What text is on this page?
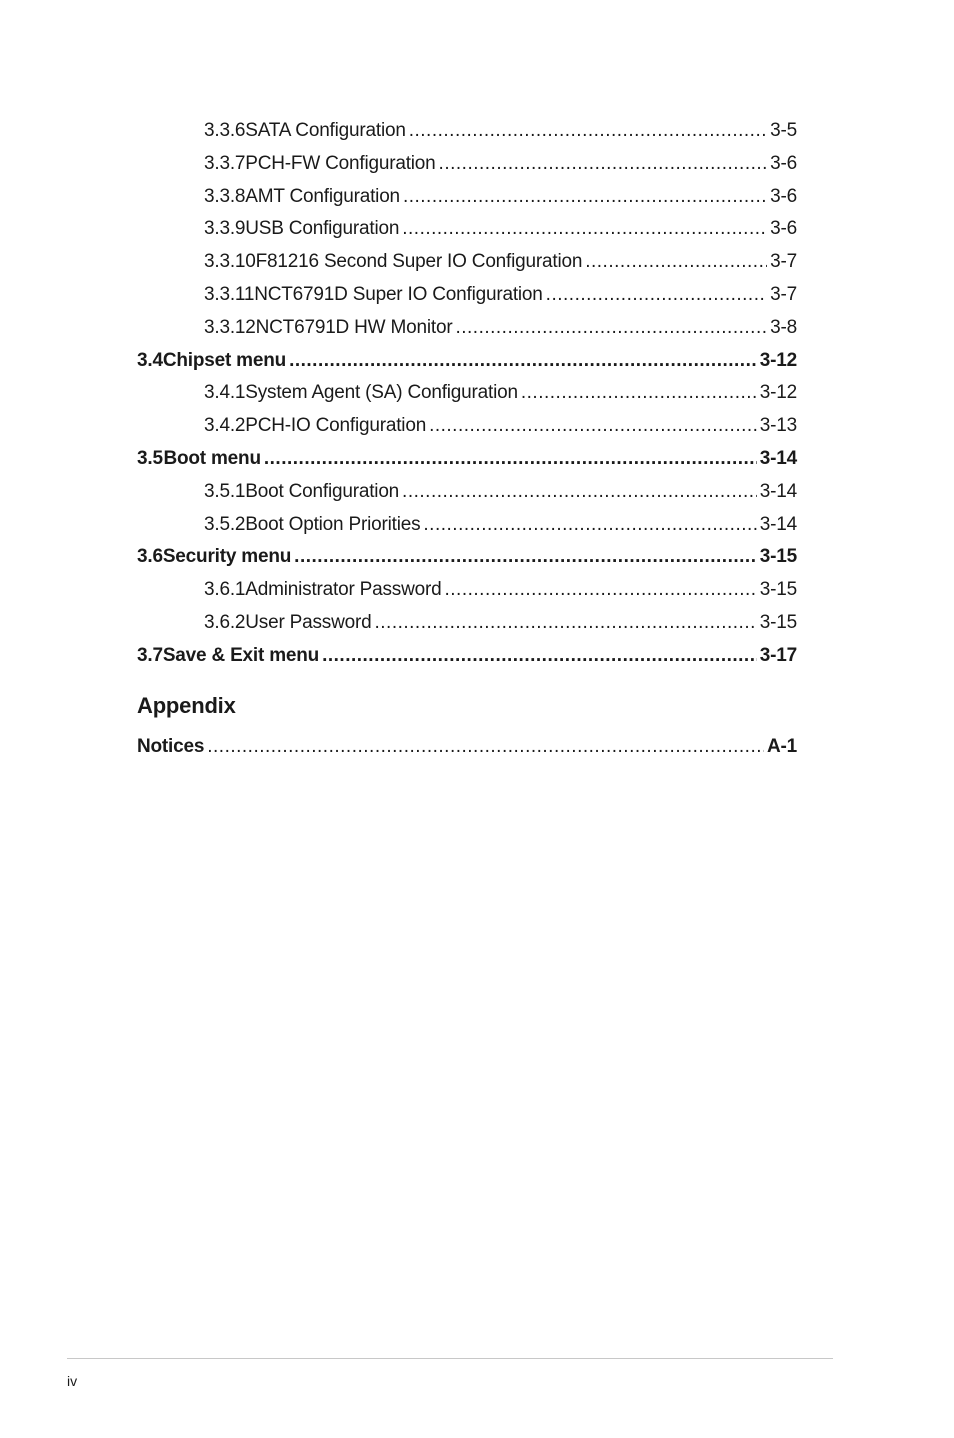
3.3.6 SATA Configuration .....	3-5
3.3.7 PCH-FW Configuration .....	3-6
3.3.8 AMT Configuration .....	3-6
3.3.9 USB Configuration .....	3-6
3.3.10 F81216 Second Super IO Configuration .....	3-7
3.3.11 NCT6791D Super IO Configuration .....	3-7
3.3.12 NCT6791D HW Monitor .....	3-8
3.4 Chipset menu .....	3-12
3.4.1 System Agent (SA) Configuration .....	3-12
3.4.2 PCH-IO Configuration .....	3-13
3.5 Boot menu .....	3-14
3.5.1 Boot Configuration .....	3-14
3.5.2 Boot Option Priorities .....	3-14
3.6 Security menu .....	3-15
3.6.1 Administrator Password .....	3-15
3.6.2 User Password .....	3-15
3.7 Save & Exit menu .....	3-17
Appendix
Notices .....	A-1
iv
